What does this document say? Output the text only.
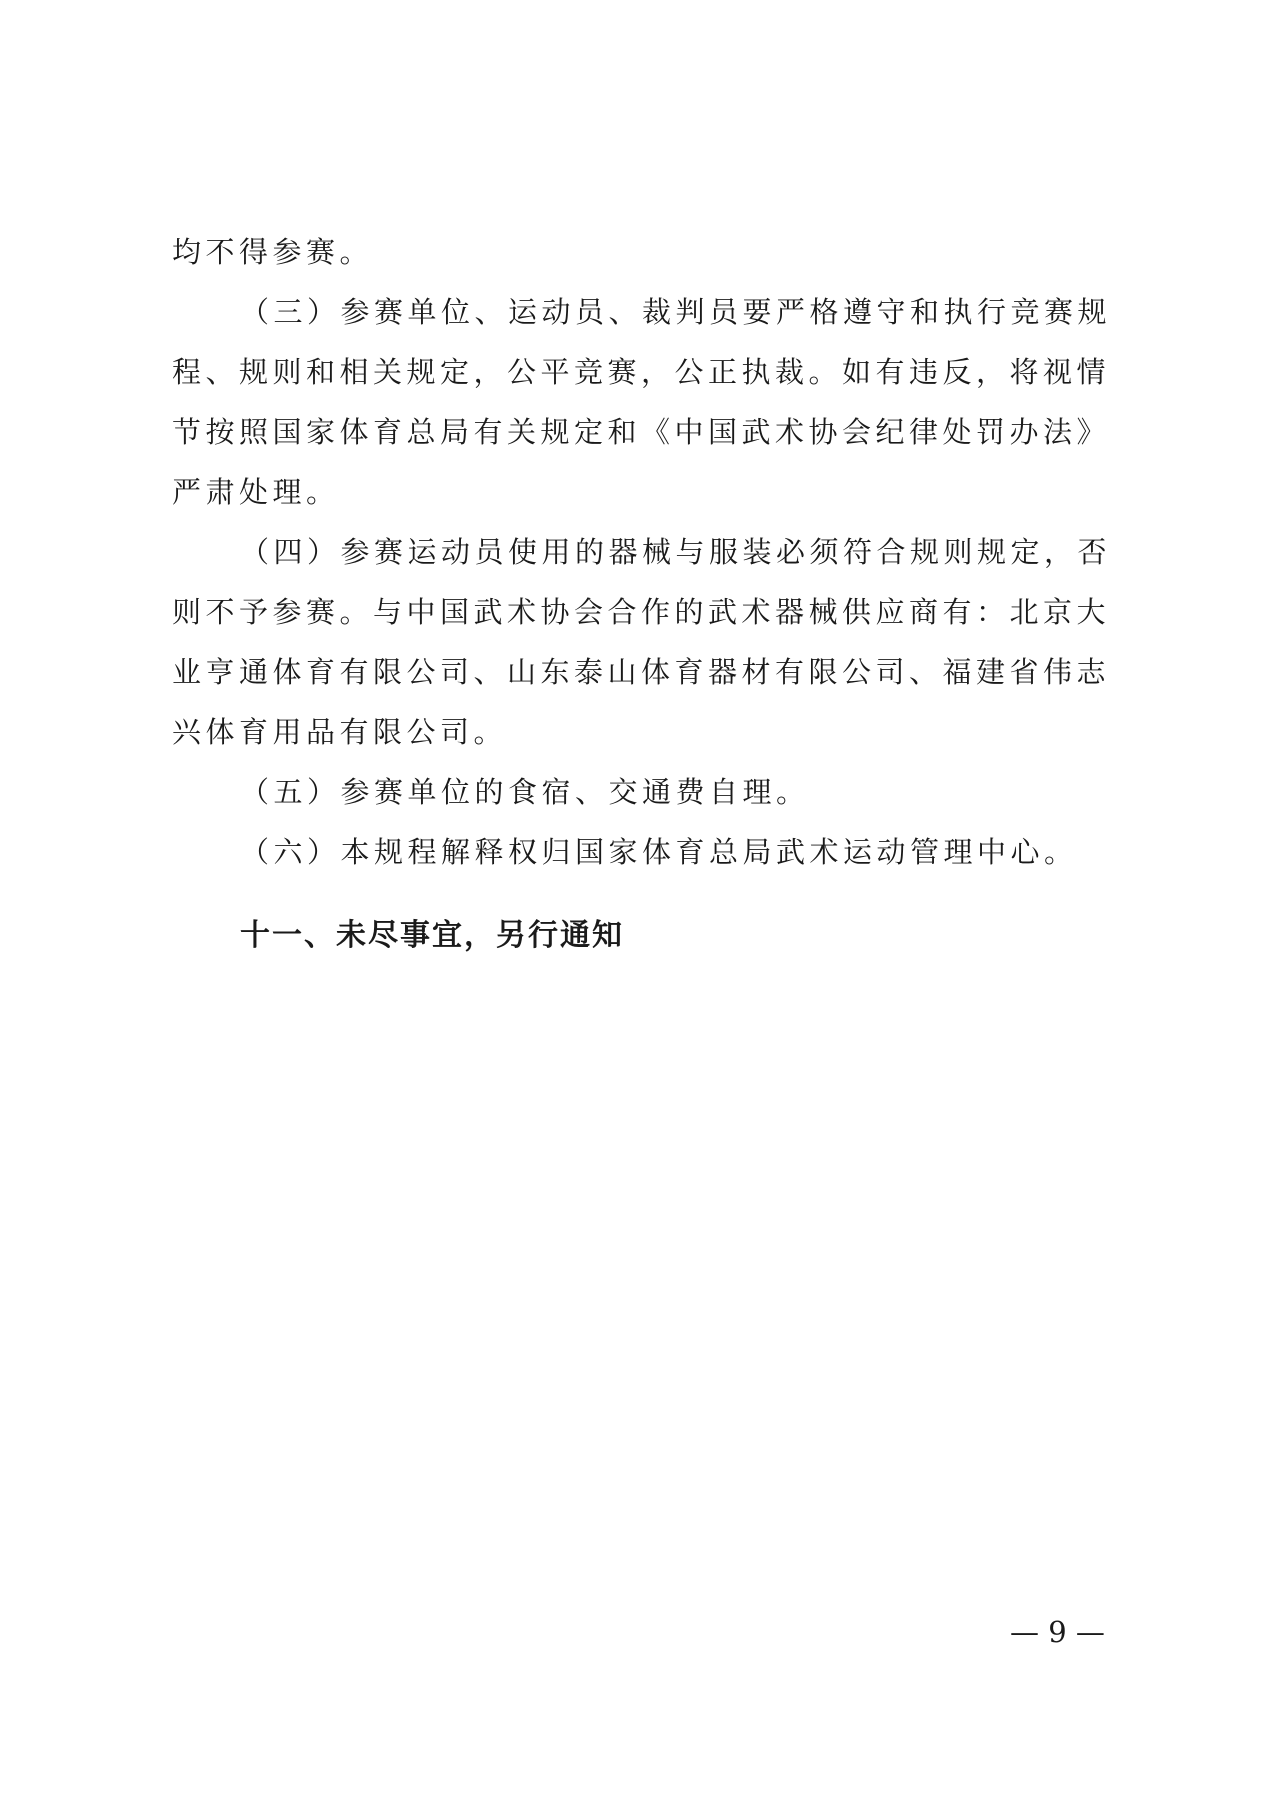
均不得参赛。
（三）参赛单位、运动员、裁判员要严格遵守和执行竞赛规
程、规则和相关规定，公平竞赛，公正执裁。如有违反，将视情
节按照国家体育总局有关规定和《中国武术协会纪律处罚办法》
严肃处理。
（四）参赛运动员使用的器械与服装必须符合规则规定，否
则不予参赛。与中国武术协会合作的武术器械供应商有：北京大
业亨通体育有限公司、山东泰山体育器材有限公司、福建省伟志
兴体育用品有限公司。
（五）参赛单位的食宿、交通费自理。
（六）本规程解释权归国家体育总局武术运动管理中心。
十一、未尽事宜，另行通知
— 9 —
